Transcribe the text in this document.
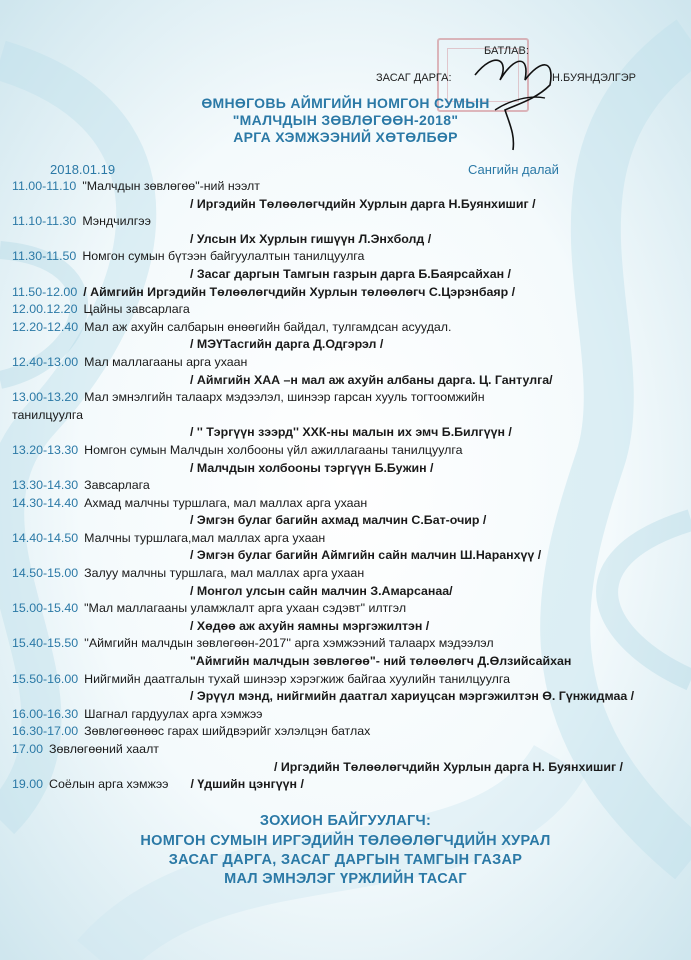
БАТЛАВ:
ЗАСАГ ДАРГА:	Н.БУЯНДЭЛГЭР
ӨМНӨГОВЬ АЙМГИЙН НОМГОН СУМЫН
"МАЛЧДЫН ЗӨВЛӨГӨӨН-2018"
АРГА ХЭМЖЭЭНИЙ ХӨТӨЛБӨР
2018.01.19	Сангийн далай
11.00-11.10 "Малчдын зөвлөгөө"-ний нээлт
/ Иргэдийн Төлөөлөгчдийн Хурлын дарга Н.Буянхишиг /
11.10-11.30 Мэндчилгээ
/ Улсын Их Хурлын гишүүн Л.Энхболд /
11.30-11.50 Номгон сумын бүтээн байгуулалтын танилцуулга
/ Засаг даргын Тамгын газрын дарга Б.Баярсайхан /
11.50-12.00 / Аймгийн Иргэдийн Төлөөлөгчдийн Хурлын төлөөлөгч С.Цэрэнбаяр /
12.00.12.20 Цайны завсарлага
12.20-12.40 Мал аж ахуйн салбарын өнөөгийн байдал, тулгамдсан асуудал.
/ МЭҮТасгийн дарга Д.Одгэрэл /
12.40-13.00 Мал маллагааны арга ухаан
/ Аймгийн ХАА –н мал аж ахуйн албаны дарга. Ц. Гантулга/
13.00-13.20 Мал эмнэлгийн талаарх мэдээлэл, шинээр гарсан хууль тогтоомжийн
танилцуулга
/ '' Тэргүүн зээрд'' ХХК-ны малын их эмч Б.Билгүүн /
13.20-13.30 Номгон сумын Малчдын холбооны үйл ажиллагааны танилцуулга
/ Малчдын холбооны тэргүүн Б.Бужин /
13.30-14.30 Завсарлага
14.30-14.40 Ахмад малчны туршлага, мал маллах арга ухаан
/ Эмгэн булаг багийн ахмад малчин С.Бат-очир /
14.40-14.50 Малчны туршлага,мал маллах арга ухаан
/ Эмгэн булаг багийн Аймгийн сайн малчин Ш.Наранхүү /
14.50-15.00 Залуу малчны туршлага, мал маллах арга ухаан
/ Монгол улсын сайн малчин З.Амарсанаа/
15.00-15.40 "Мал маллагааны уламжлалт арга ухаан сэдэвт" илтгэл
/ Хөдөө аж ахуйн яамны мэргэжилтэн /
15.40-15.50 ''Аймгийн малчдын зөвлөгөөн-2017'' арга хэмжээний талаарх мэдээлэл
"Аймгийн малчдын зөвлөгөө"- ний төлөөлөгч Д.Өлзийсайхан
15.50-16.00 Нийгмийн даатгалын тухай шинээр хэрэгжиж байгаа хуулийн танилцуулга
/ Эрүүл мэнд, нийгмийн даатгал хариуцсан мэргэжилтэн Ө. Гүнжидмаа /
16.00-16.30 Шагнал гардуулах арга хэмжээ
16.30-17.00 Зөвлөгөөнөөс гарах шийдвэрийг хэлэлцэн батлах
17.00 Зөвлөгөөний хаалт
/ Иргэдийн Төлөөлөгчдийн Хурлын дарга Н. Буянхишиг /
19.00 Соёлын арга хэмжээ / Үдшийн цэнгүүн /
ЗОХИОН БАЙГУУЛАГЧ:
НОМГОН СУМЫН ИРГЭДИЙН ТӨЛӨӨЛӨГЧДИЙН ХУРАЛ
ЗАСАГ ДАРГА, ЗАСАГ ДАРГЫН ТАМГЫН ГАЗАР
МАЛ ЭМНЭЛЭГ ҮРЖЛИЙН ТАСАГ
